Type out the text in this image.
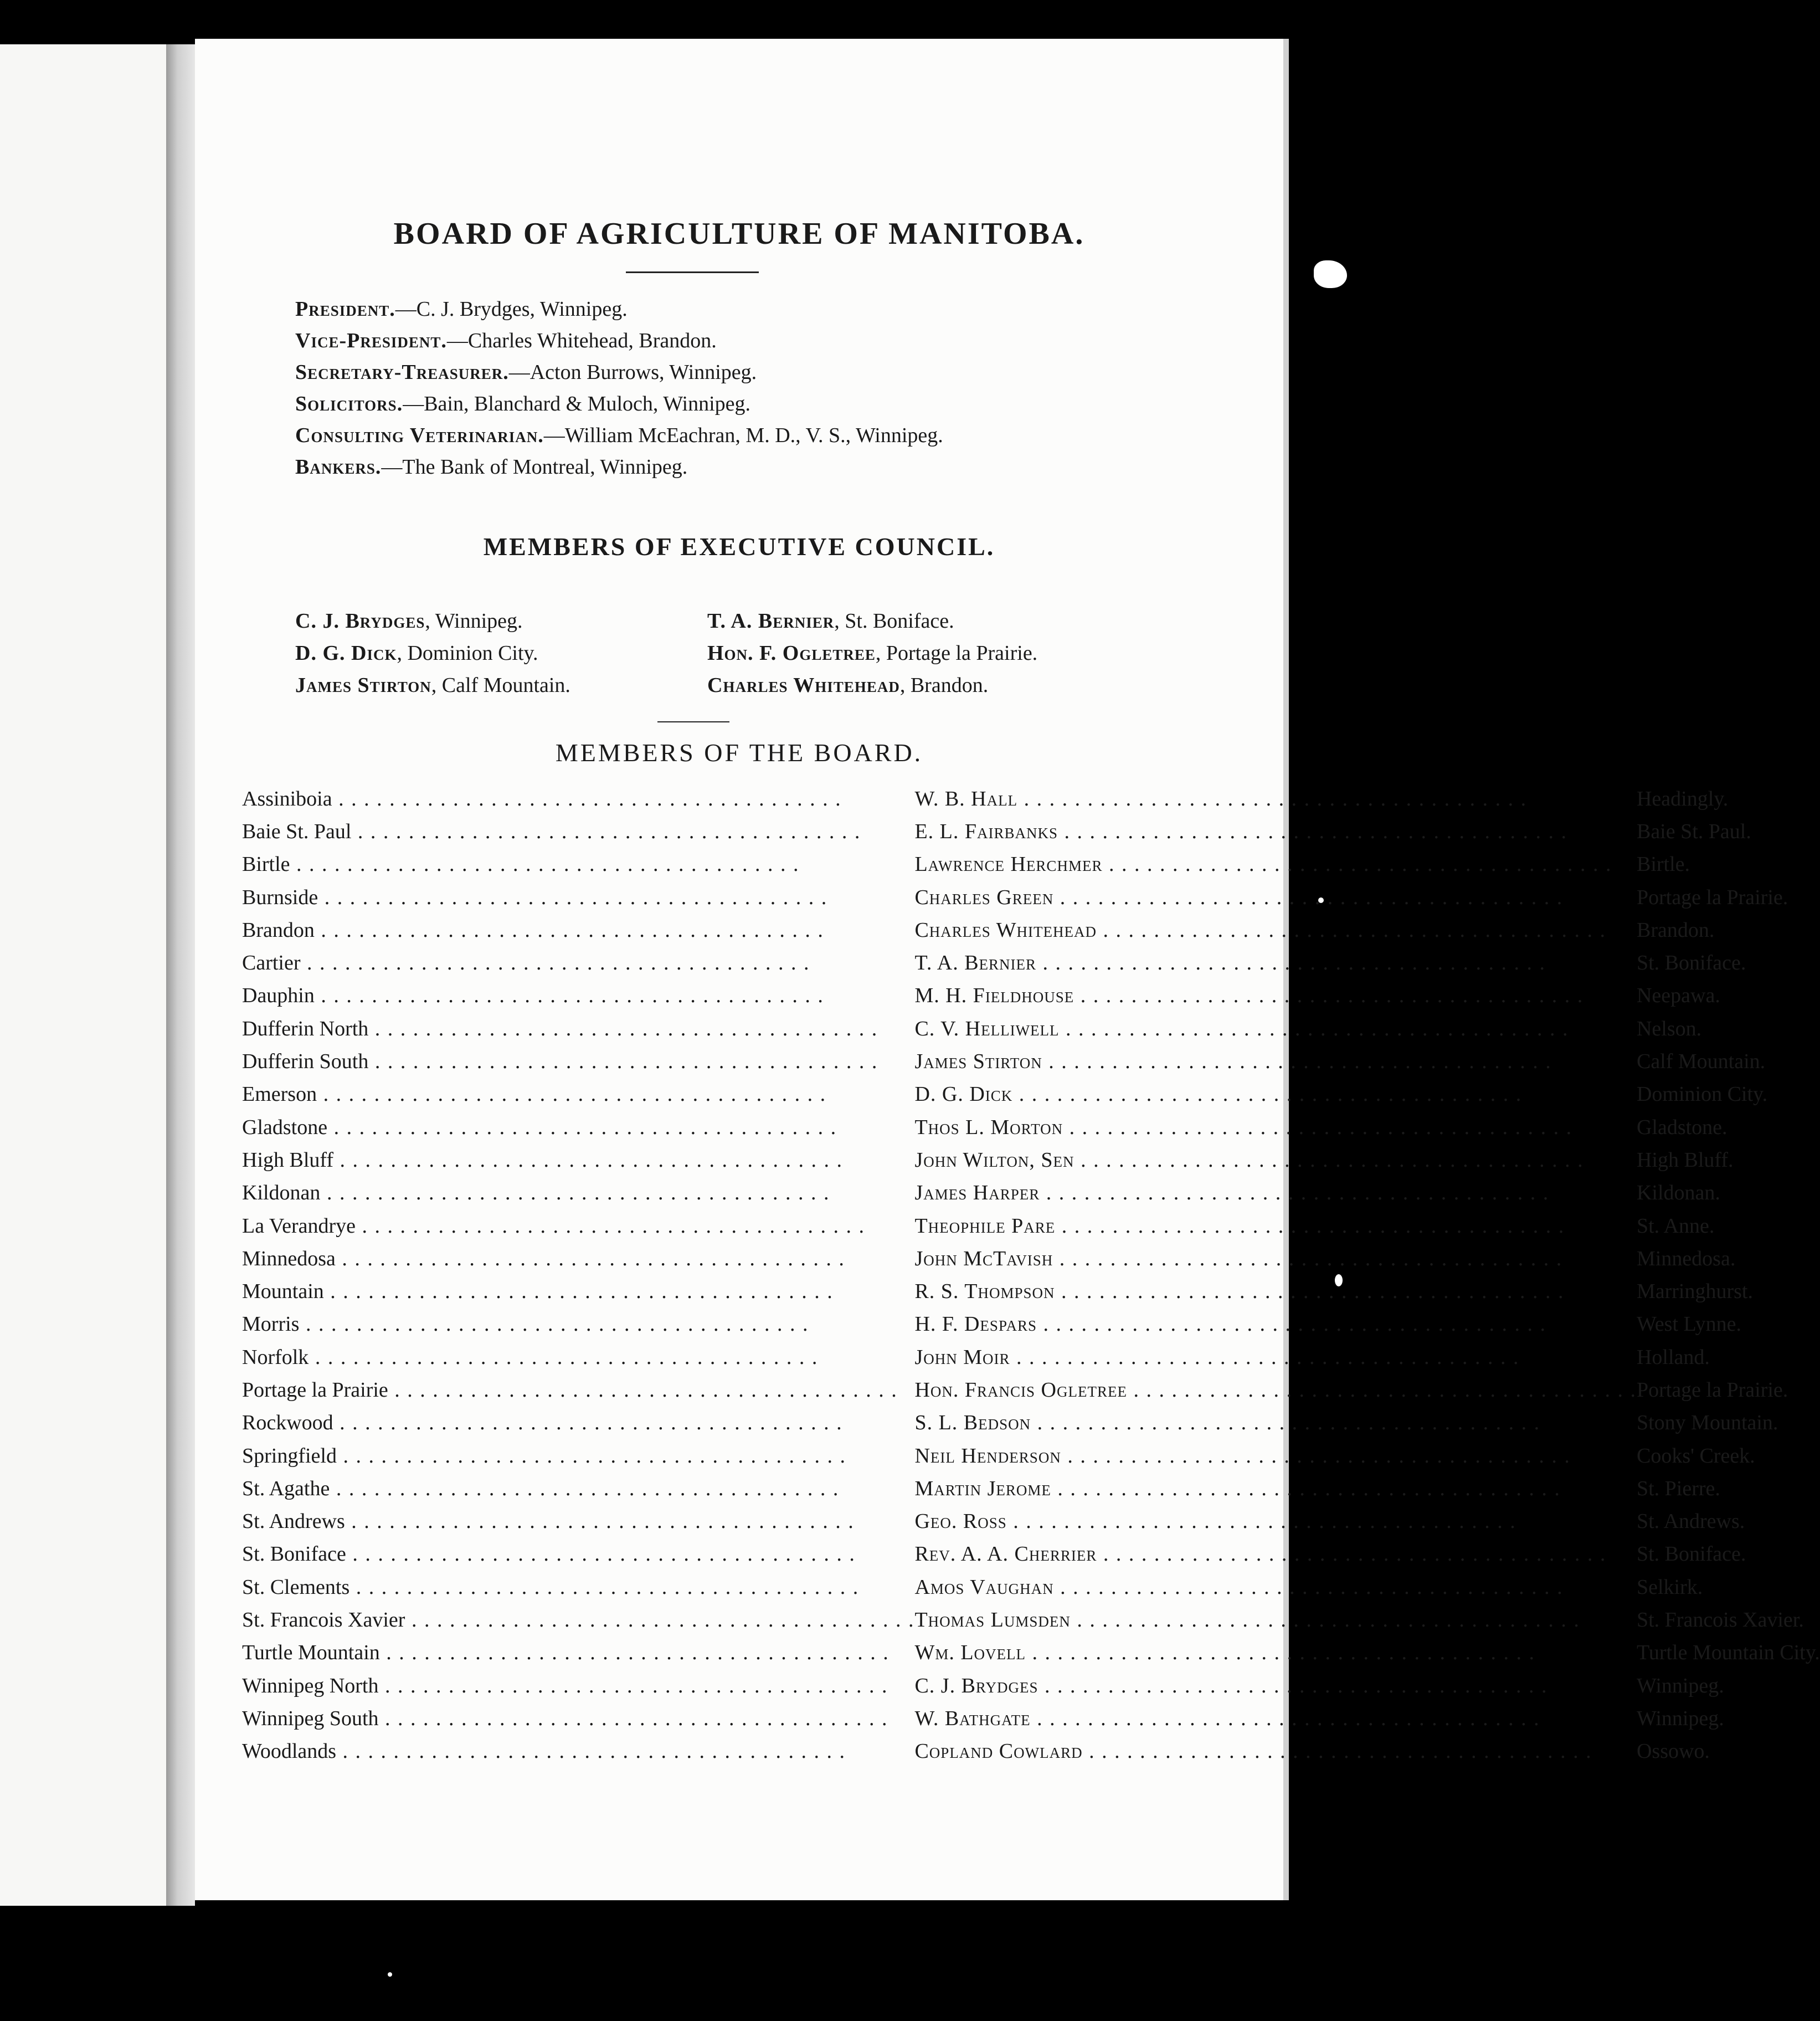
BOARD OF AGRICULTURE OF MANITOBA.
President.—C. J. Brydges, Winnipeg.
Vice-President.—Charles Whitehead, Brandon.
Secretary-Treasurer.—Acton Burrows, Winnipeg.
Solicitors.—Bain, Blanchard & Muloch, Winnipeg.
Consulting Veterinarian.—William McEachran, M. D., V. S., Winnipeg.
Bankers.—The Bank of Montreal, Winnipeg.
MEMBERS OF EXECUTIVE COUNCIL.
C. J. Brydges, Winnipeg.
D. G. Dick, Dominion City.
James Stirton, Calf Mountain.
T. A. Bernier, St. Boniface.
Hon. F. Ogletree, Portage la Prairie.
Charles Whitehead, Brandon.
MEMBERS OF THE BOARD.
Assiniboia . . .	W. B. Hall . . .	Headingly.

Baie St. Paul . . .	E. L. Fairbanks . . .	Baie St. Paul.

Birtle . . .	Lawrence Herchmer . . .	Birtle.

Burnside . . .	Charles Green . . .	Portage la Prairie.

Brandon . . .	Charles Whitehead . . .	Brandon.

Cartier . . .	T. A. Bernier . . .	St. Boniface.

Dauphin . . .	M. H. Fieldhouse . . .	Neepawa.

Dufferin North . . .	C. V. Helliwell . . .	Nelson.

Dufferin South . . .	James Stirton . . .	Calf Mountain.

Emerson . . .	D. G. Dick . . .	Dominion City.

Gladstone . . .	Thos L. Morton . . .	Gladstone.

High Bluff . . .	John Wilton, Sen . . .	High Bluff.

Kildonan . . .	James Harper . . .	Kildonan.

La Verandrye . . .	Theophile Pare . . .	St. Anne.

Minnedosa . . .	John McTavish . . .	Minnedosa.

Mountain . . .	R. S. Thompson . . .	Marringhurst.

Morris . . .	H. F. Despars . . .	West Lynne.

Norfolk . . .	John Moir . . .	Holland.

Portage la Prairie . . .	Hon. Francis Ogletree . . .	Portage la Prairie.

Rockwood . . .	S. L. Bedson . . .	Stony Mountain.

Springfield . . .	Neil Henderson . . .	Cooks' Creek.

St. Agathe . . .	Martin Jerome . . .	St. Pierre.

St. Andrews . . .	Geo. Ross . . .	St. Andrews.

St. Boniface . . .	Rev. A. A. Cherrier . . .	St. Boniface.

St. Clements . . .	Amos Vaughan . . .	Selkirk.

St. Francois Xavier . . .	Thomas Lumsden . . .	St. Francois Xavier.

Turtle Mountain . . .	Wm. Lovell . . .	Turtle Mountain City.

Winnipeg North . . .	C. J. Brydges . . .	Winnipeg.

Winnipeg South . . .	W. Bathgate . . .	Winnipeg.

Woodlands . . .	Copland Cowlard . . .	Ossowo.
